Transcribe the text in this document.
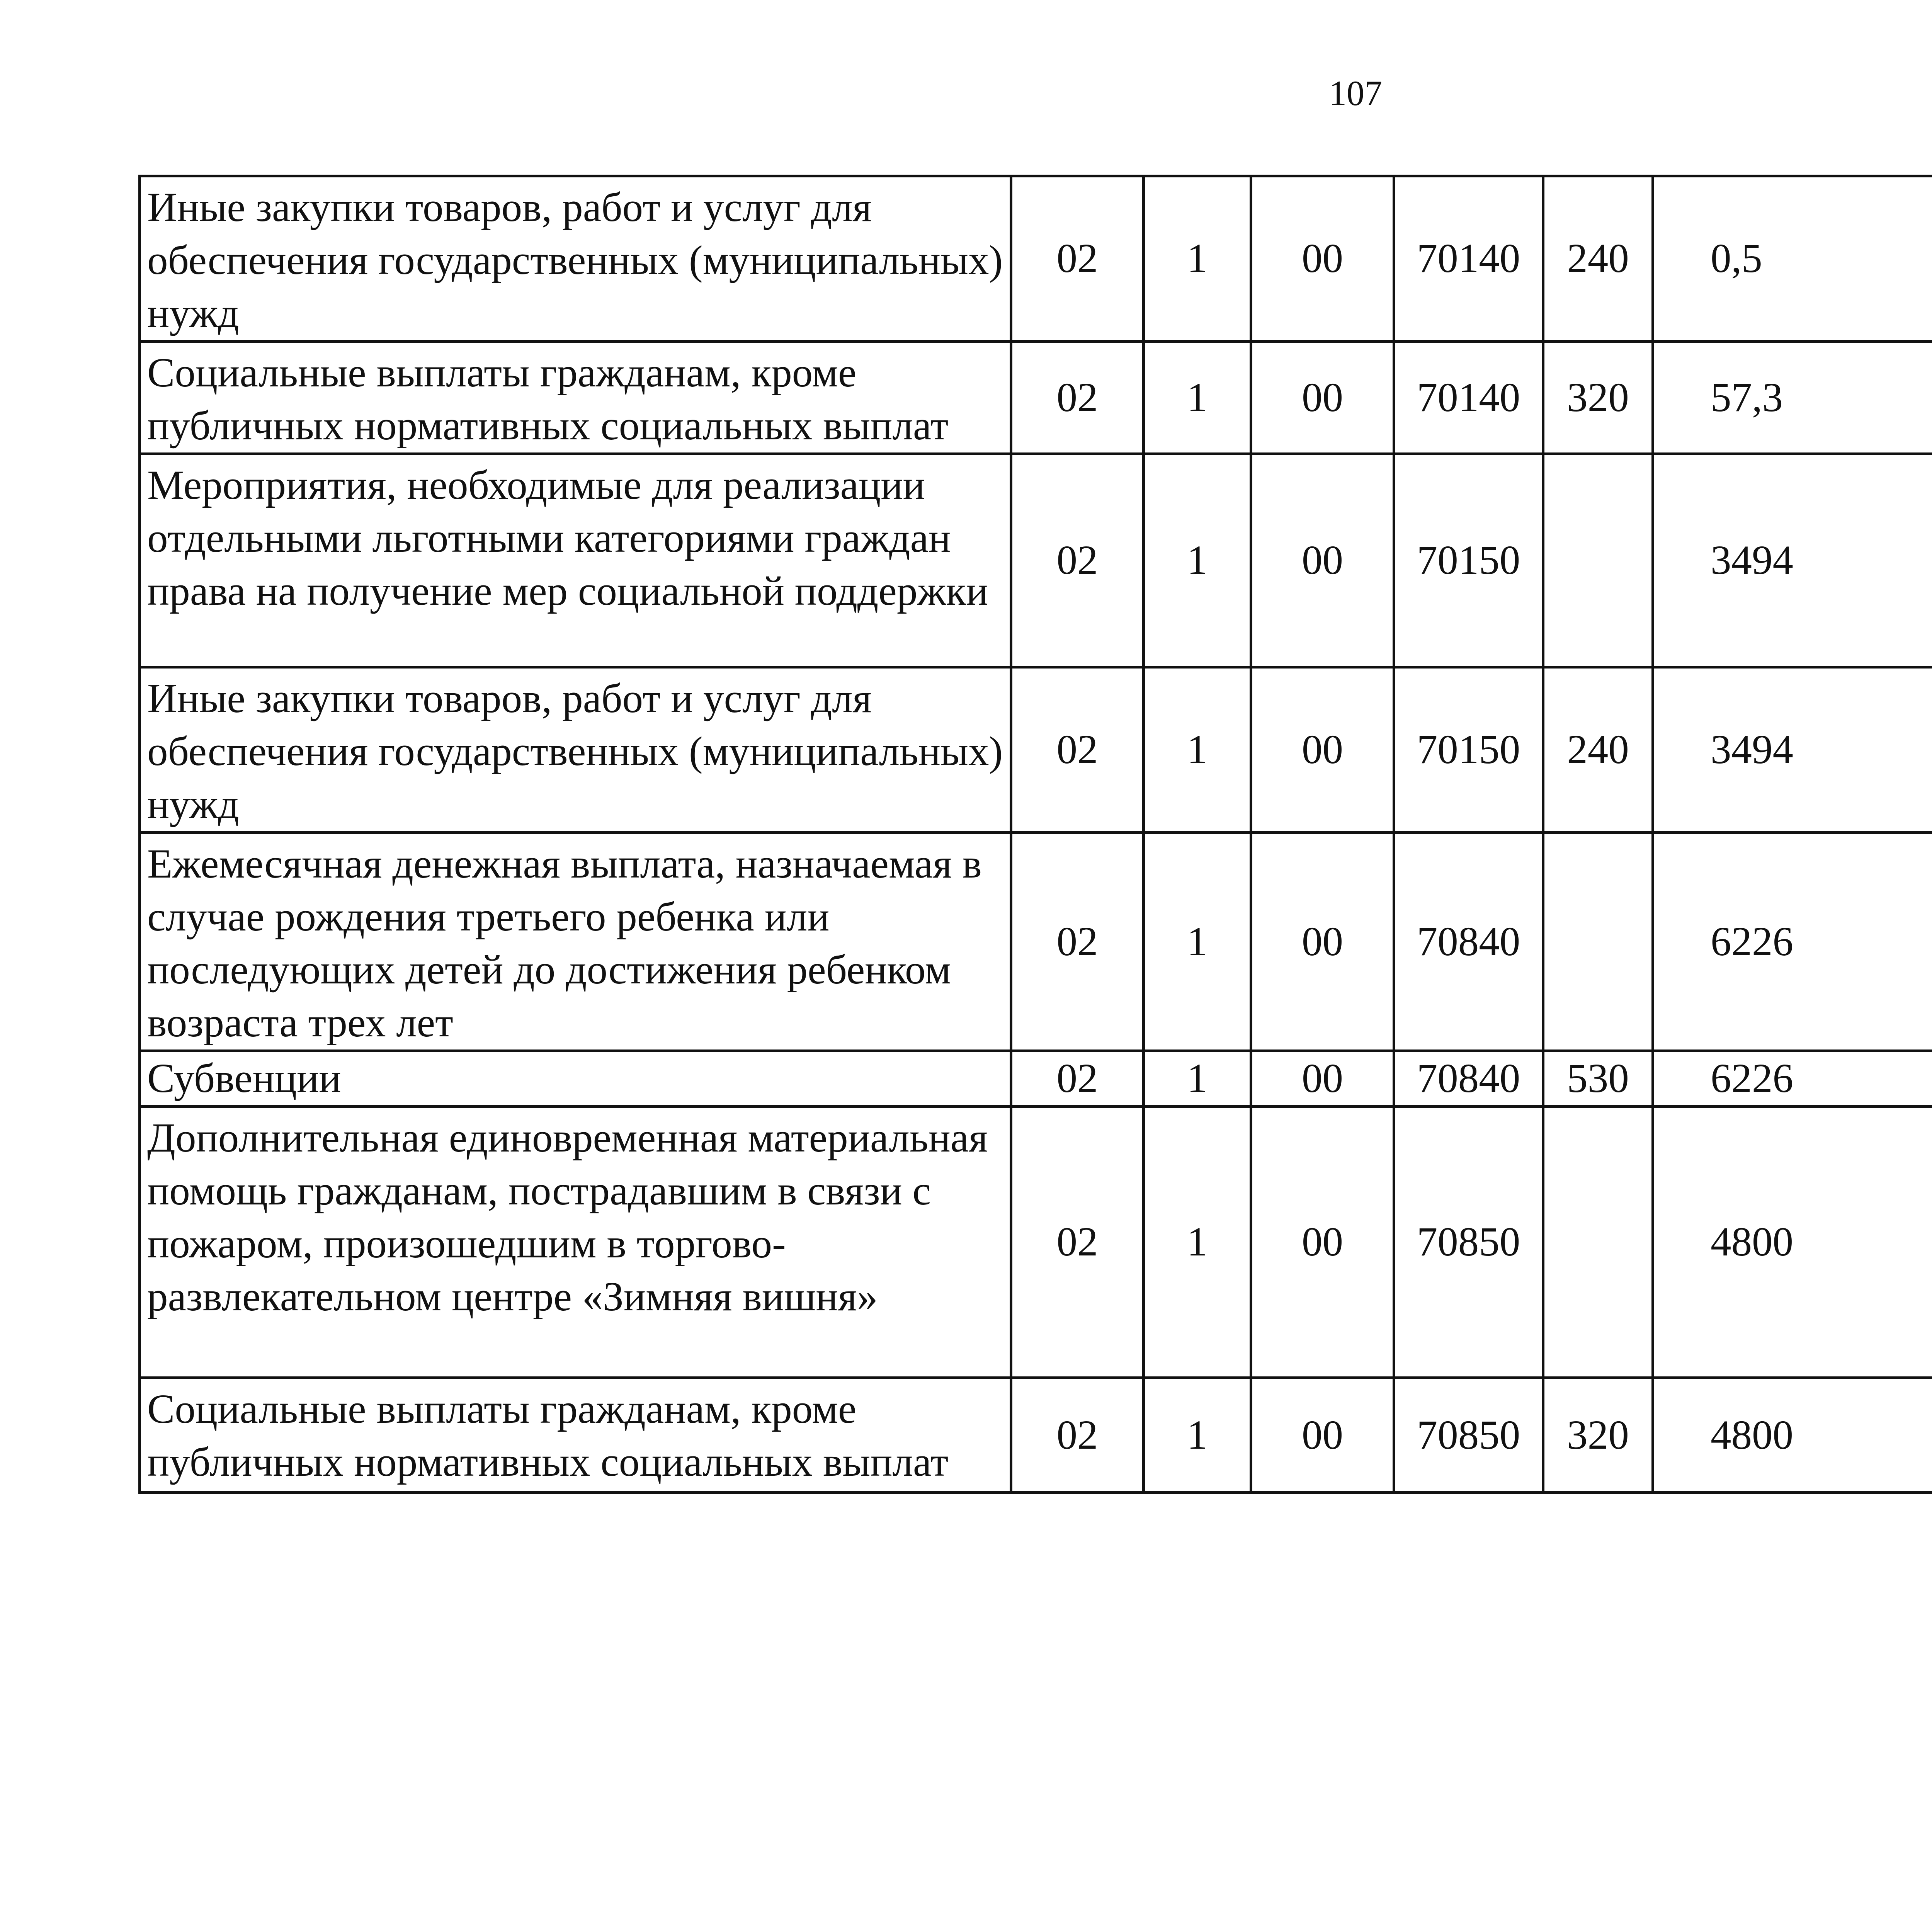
107
Иные закупки товаров, работ и услуг для обеспечения государственных (муниципальных) нужд	02	1	00	70140	240	0,5		
Социальные выплаты гражданам, кроме публичных нормативных социальных выплат	02	1	00	70140	320	57,3		
Мероприятия, необходимые для реализации отдельными льготными категориями граждан права на получение мер социальной поддержки	02	1	00	70150		3494		
Иные закупки товаров, работ и услуг для обеспечения государственных (муниципальных) нужд	02	1	00	70150	240	3494		
Ежемесячная денежная выплата, назначаемая в случае рождения третьего ребенка или последующих детей до достижения ребенком возраста трех лет	02	1	00	70840		6226		
Субвенции	02	1	00	70840	530	6226		
Дополнительная единовременная материальная помощь гражданам, пострадавшим в связи с пожаром, произошедшим в торгово-развлекательном центре «Зимняя вишня»	02	1	00	70850		4800		
Социальные выплаты гражданам, кроме публичных нормативных социальных выплат	02	1	00	70850	320	4800		
